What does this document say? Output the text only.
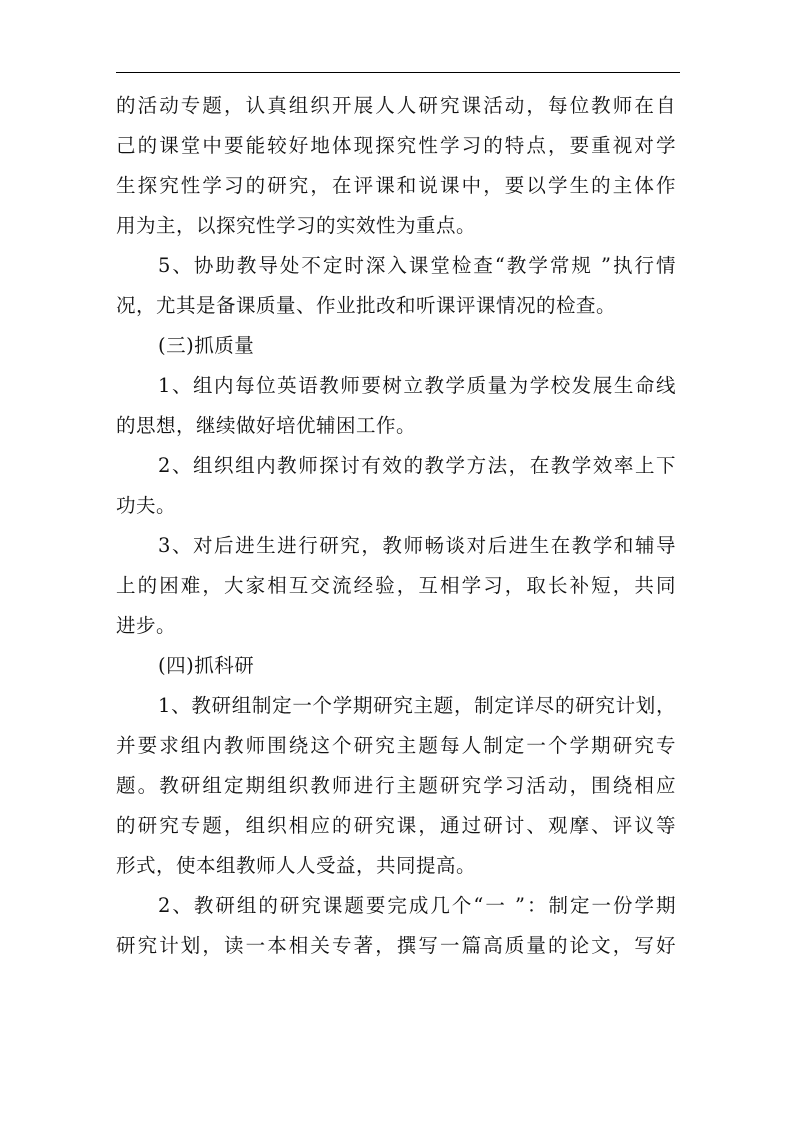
的活动专题，认真组织开展人人研究课活动，每位教师在自
己的课堂中要能较好地体现探究性学习的特点，要重视对学
生探究性学习的研究，在评课和说课中，要以学生的主体作
用为主，以探究性学习的实效性为重点。
5、协助教导处不定时深入课堂检查“教学常规 ”执行情
况，尤其是备课质量、作业批改和听课评课情况的检查。
(三)抓质量
1、组内每位英语教师要树立教学质量为学校发展生命线
的思想，继续做好培优辅困工作。
2、组织组内教师探讨有效的教学方法，在教学效率上下
功夫。
3、对后进生进行研究，教师畅谈对后进生在教学和辅导
上的困难，大家相互交流经验，互相学习，取长补短，共同
进步。
(四)抓科研
1、教研组制定一个学期研究主题，制定详尽的研究计划，
并要求组内教师围绕这个研究主题每人制定一个学期研究专
题。教研组定期组织教师进行主题研究学习活动，围绕相应
的研究专题，组织相应的研究课，通过研讨、观摩、评议等
形式，使本组教师人人受益，共同提高。
2、教研组的研究课题要完成几个“一 ”：制定一份学期
研究计划，读一本相关专著，撰写一篇高质量的论文，写好
